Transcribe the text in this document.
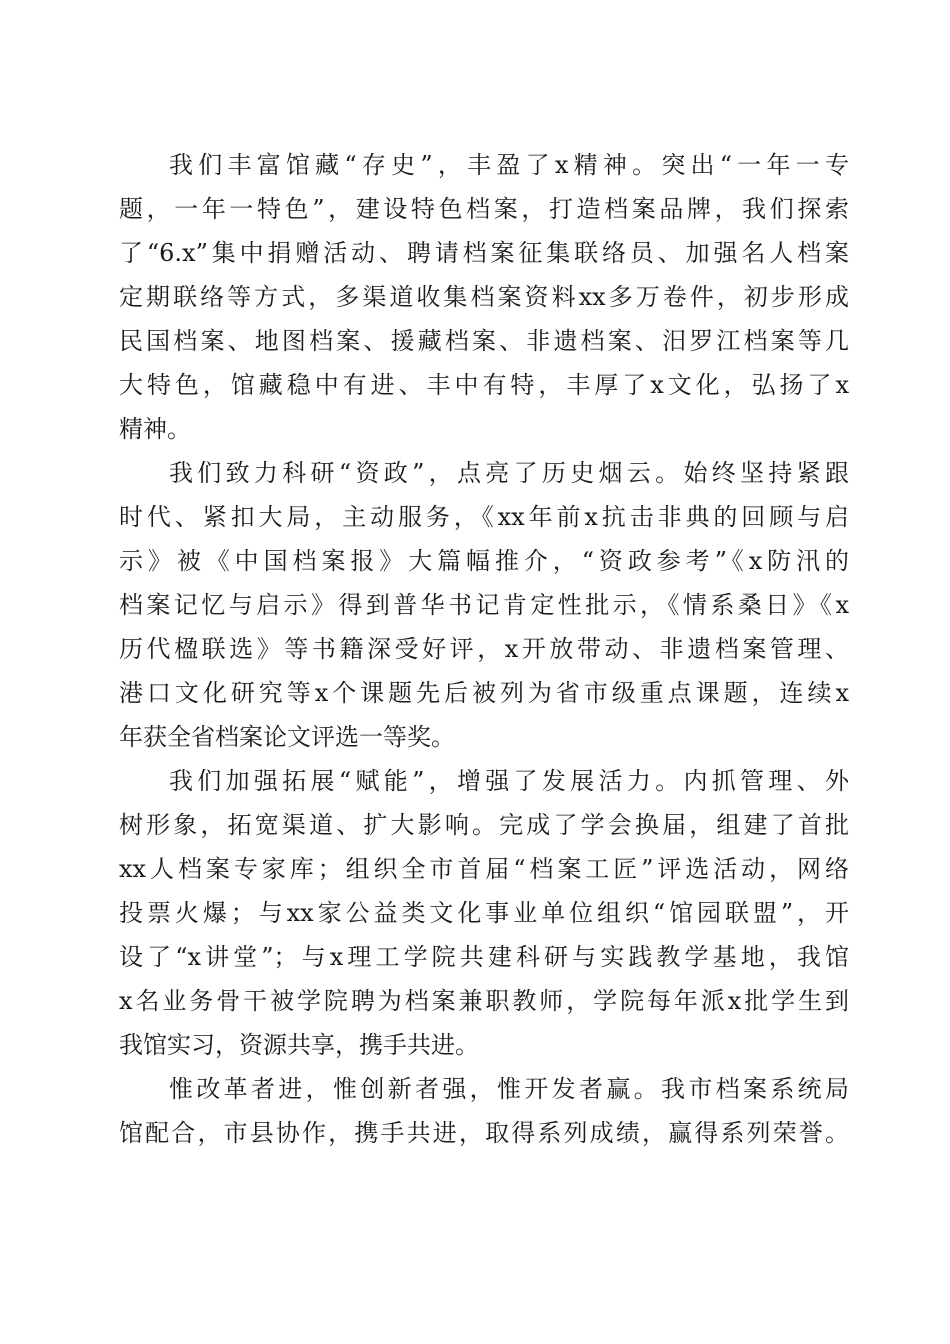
我们丰富馆藏“存史”，丰盈了x精神。突出“一年一专
题，一年一特色”，建设特色档案，打造档案品牌，我们探索
了“6.x”集中捐赠活动、聘请档案征集联络员、加强名人档案
定期联络等方式，多渠道收集档案资料xx多万卷件，初步形成
民国档案、地图档案、援藏档案、非遗档案、汨罗江档案等几
大特色，馆藏稳中有进、丰中有特，丰厚了x文化，弘扬了x
精神。
我们致力科研“资政”，点亮了历史烟云。始终坚持紧跟
时代、紧扣大局，主动服务，《xx年前x抗击非典的回顾与启
示》被《中国档案报》大篇幅推介，“资政参考”《x防汛的
档案记忆与启示》得到普华书记肯定性批示，《情系桑日》《x
历代楹联选》等书籍深受好评，x开放带动、非遗档案管理、
港口文化研究等x个课题先后被列为省市级重点课题，连续x
年获全省档案论文评选一等奖。
我们加强拓展“赋能”，增强了发展活力。内抓管理、外
树形象，拓宽渠道、扩大影响。完成了学会换届，组建了首批
xx人档案专家库；组织全市首届“档案工匠”评选活动，网络
投票火爆；与xx家公益类文化事业单位组织“馆园联盟”，开
设了“x讲堂”；与x理工学院共建科研与实践教学基地，我馆
x名业务骨干被学院聘为档案兼职教师，学院每年派x批学生到
我馆实习，资源共享，携手共进。
惟改革者进，惟创新者强，惟开发者赢。我市档案系统局
馆配合，市县协作，携手共进，取得系列成绩，赢得系列荣誉。
